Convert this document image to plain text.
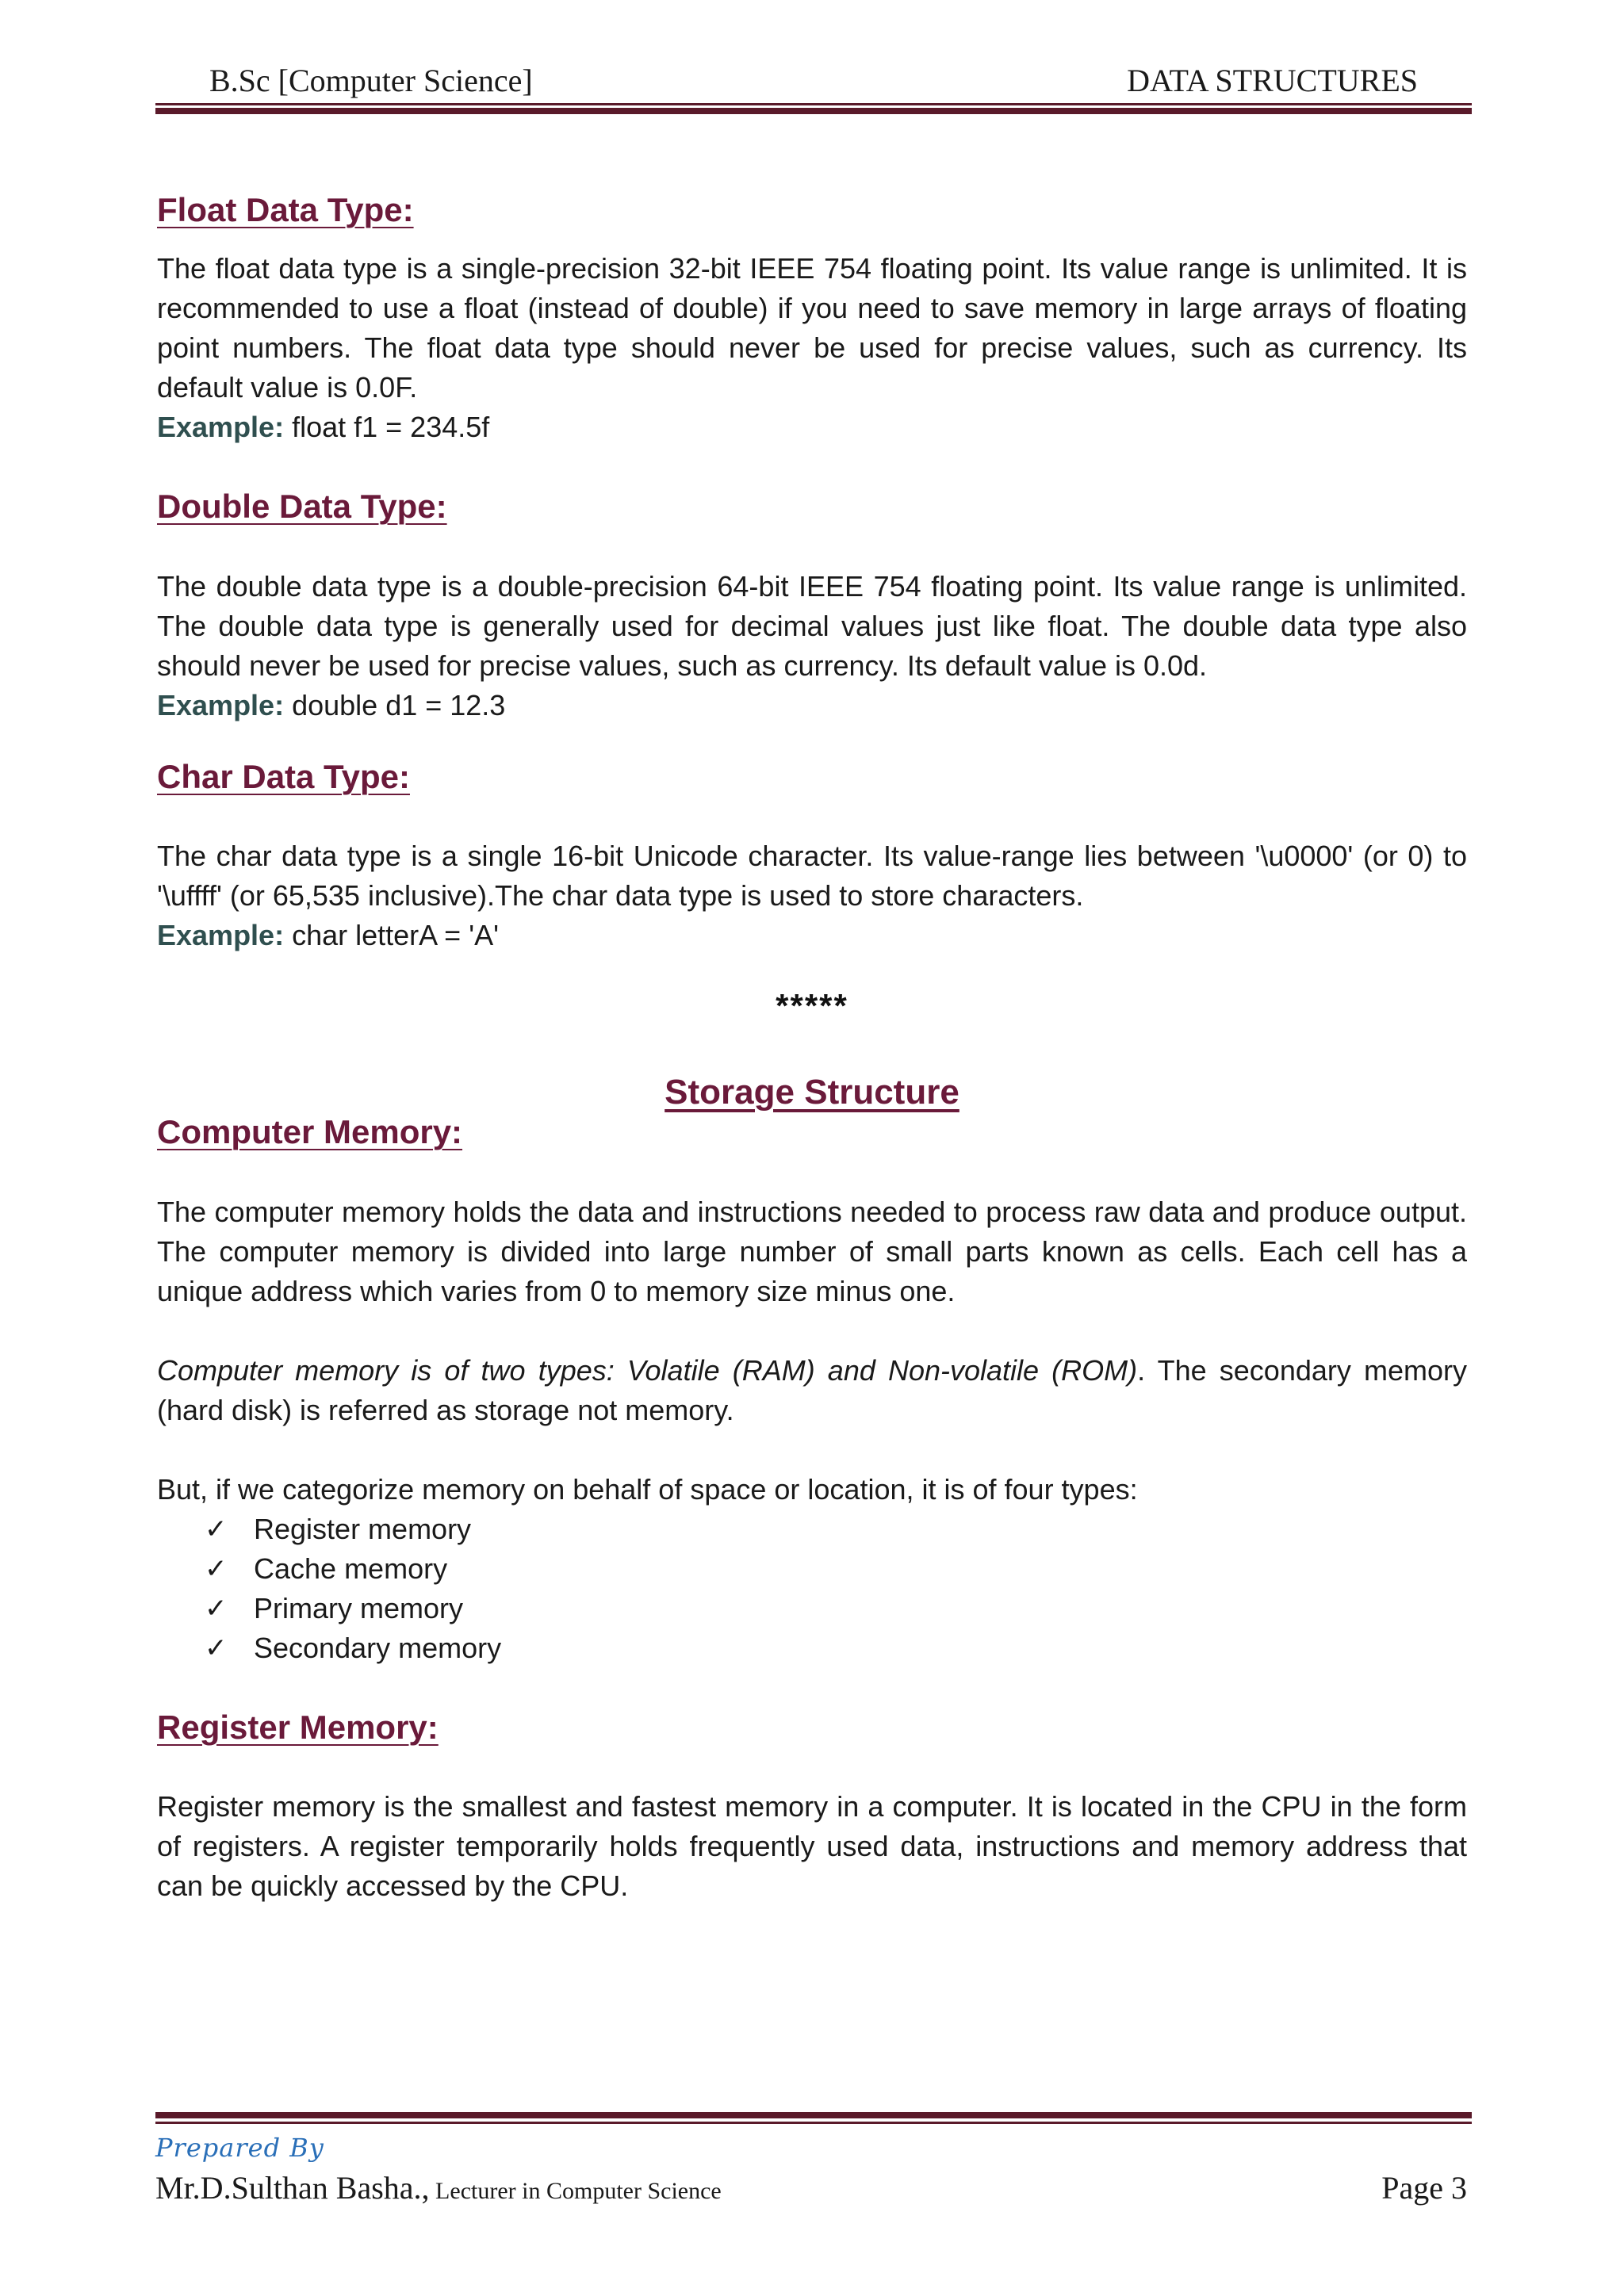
B.Sc [Computer Science]	DATA STRUCTURES
Float Data Type:

The float data type is a single-precision 32-bit IEEE 754 floating point. Its value range is unlimited. It is recommended to use a float (instead of double) if you need to save memory in large arrays of floating point numbers. The float data type should never be used for precise values, such as currency. Its default value is 0.0F.

Example: float f1 = 234.5f

Double Data Type:

The double data type is a double-precision 64-bit IEEE 754 floating point. Its value range is unlimited. The double data type is generally used for decimal values just like float. The double data type also should never be used for precise values, such as currency. Its default value is 0.0d.

Example: double d1 = 12.3

Char Data Type:

The char data type is a single 16-bit Unicode character. Its value-range lies between '\u0000' (or 0) to '\uffff' (or 65,535 inclusive).The char data type is used to store characters.

Example: char letterA = 'A'

*****

Storage Structure
Computer Memory:

The computer memory holds the data and instructions needed to process raw data and produce output. The computer memory is divided into large number of small parts known as cells. Each cell has a unique address which varies from 0 to memory size minus one.

Computer memory is of two types: Volatile (RAM) and Non-volatile (ROM). The secondary memory (hard disk) is referred as storage not memory.

But, if we categorize memory on behalf of space or location, it is of four types:

✓ Register memory
✓ Cache memory
✓ Primary memory
✓ Secondary memory
Register Memory:

Register memory is the smallest and fastest memory in a computer. It is located in the CPU in the form of registers. A register temporarily holds frequently used data, instructions and memory address that can be quickly accessed by the CPU.

Prepared By
Mr.D.Sulthan Basha., Lecturer in Computer Science	Page 3
